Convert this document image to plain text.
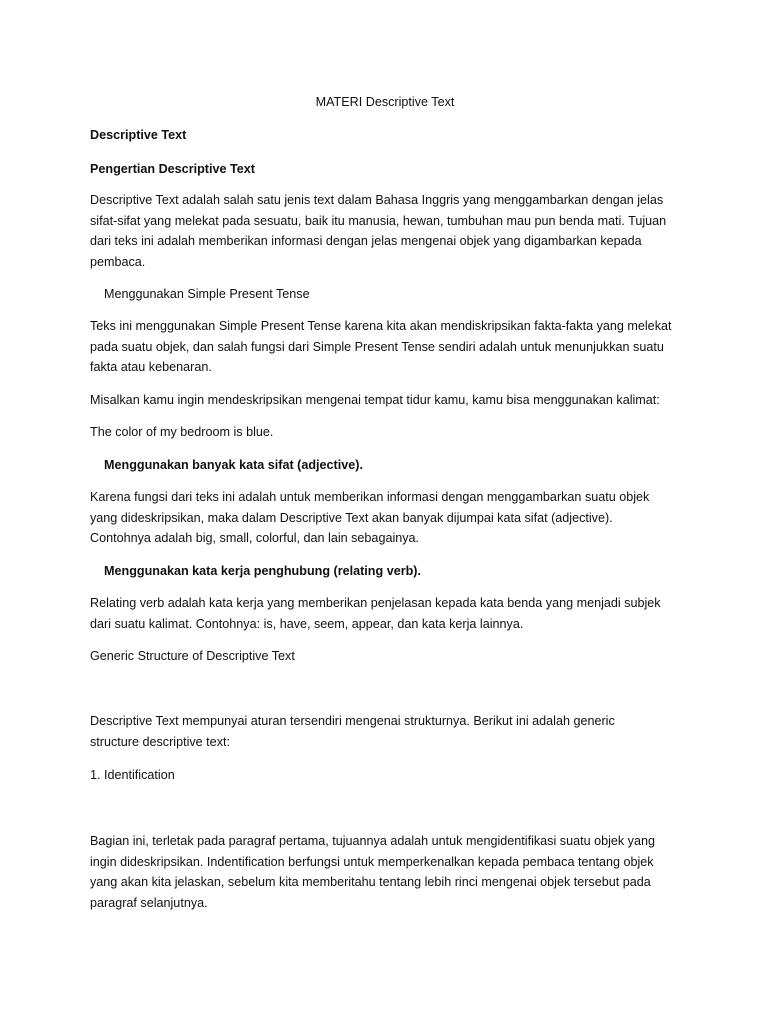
MATERI Descriptive Text
Descriptive Text
Pengertian Descriptive Text
Descriptive Text adalah salah satu jenis text dalam Bahasa Inggris yang menggambarkan dengan jelas
sifat-sifat yang melekat pada sesuatu, baik itu manusia, hewan, tumbuhan mau pun benda mati. Tujuan
dari teks ini adalah memberikan informasi dengan jelas mengenai objek yang digambarkan kepada
pembaca.
Menggunakan Simple Present Tense
Teks ini menggunakan Simple Present Tense karena kita akan mendiskripsikan fakta-fakta yang melekat
pada suatu objek, dan salah fungsi dari Simple Present Tense sendiri adalah untuk menunjukkan suatu
fakta atau kebenaran.
Misalkan kamu ingin mendeskripsikan mengenai tempat tidur kamu, kamu bisa menggunakan kalimat:
The color of my bedroom is blue.
Menggunakan banyak kata sifat (adjective).
Karena fungsi dari teks ini adalah untuk memberikan informasi dengan menggambarkan suatu objek
yang dideskripsikan, maka dalam Descriptive Text akan banyak dijumpai kata sifat (adjective).
Contohnya adalah big, small, colorful, dan lain sebagainya.
Menggunakan kata kerja penghubung (relating verb).
Relating verb adalah kata kerja yang memberikan penjelasan kepada kata benda yang menjadi subjek
dari suatu kalimat. Contohnya: is, have, seem, appear, dan kata kerja lainnya.
Generic Structure of Descriptive Text
Descriptive Text mempunyai aturan tersendiri mengenai strukturnya. Berikut ini adalah generic
structure descriptive text:
1. Identification
Bagian ini, terletak pada paragraf pertama, tujuannya adalah untuk mengidentifikasi suatu objek yang
ingin dideskripsikan. Indentification berfungsi untuk memperkenalkan kepada pembaca tentang objek
yang akan kita jelaskan, sebelum kita memberitahu tentang lebih rinci mengenai objek tersebut pada
paragraf selanjutnya.
